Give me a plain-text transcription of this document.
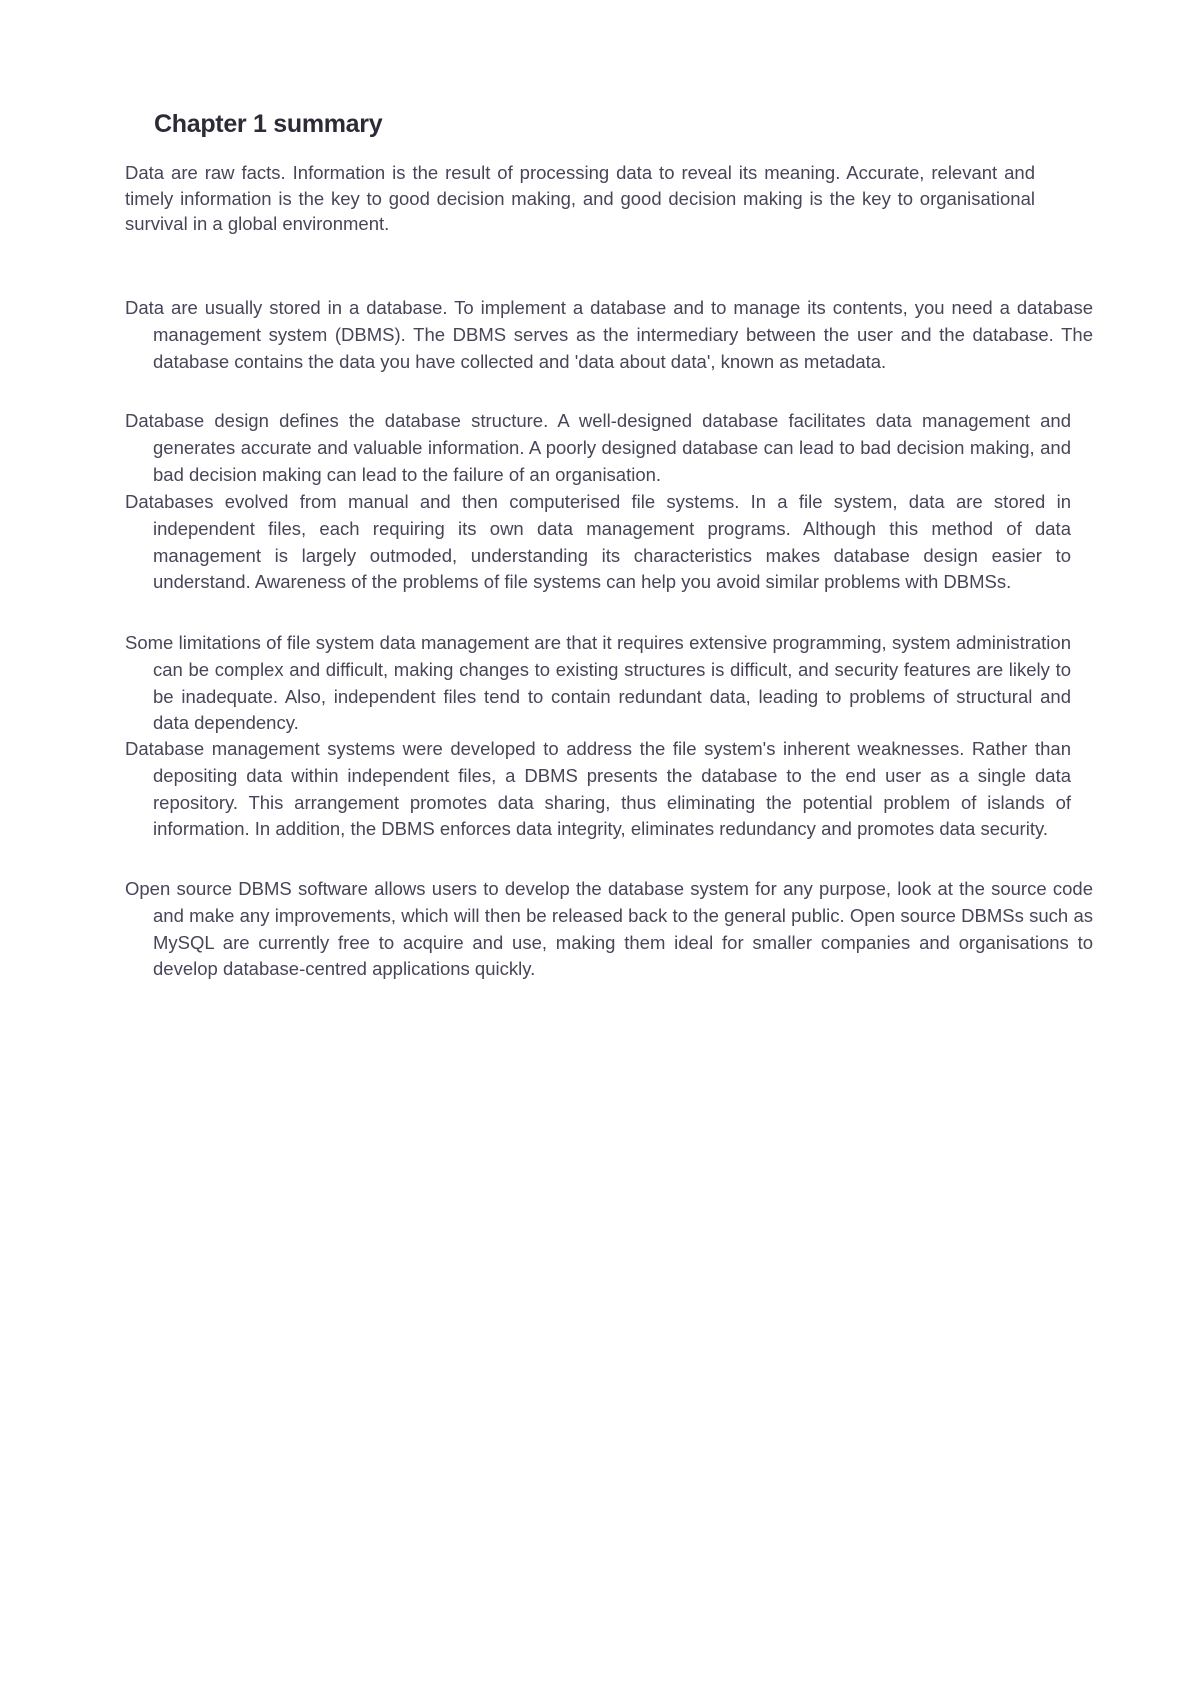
Chapter 1 summary

Data are raw facts. Information is the result of processing data to reveal its meaning. Accurate, relevant and timely information is the key to good decision making, and good decision making is the key to organisational survival in a global environment.

Data are usually stored in a database. To implement a database and to manage its contents, you need a database management system (DBMS). The DBMS serves as the intermediary between the user and the database. The database contains the data you have collected and 'data about data', known as metadata.

Database design defines the database structure. A well-designed database facilitates data management and generates accurate and valuable information. A poorly designed database can lead to bad decision making, and bad decision making can lead to the failure of an organisation.

Databases evolved from manual and then computerised file systems. In a file system, data are stored in independent files, each requiring its own data management programs. Although this method of data management is largely outmoded, understanding its characteristics makes database design easier to understand. Awareness of the problems of file systems can help you avoid similar problems with DBMSs.

Some limitations of file system data management are that it requires extensive programming, system administration can be complex and difficult, making changes to existing structures is difficult, and security features are likely to be inadequate. Also, independent files tend to contain redundant data, leading to problems of structural and data dependency.

Database management systems were developed to address the file system's inherent weaknesses. Rather than depositing data within independent files, a DBMS presents the database to the end user as a single data repository. This arrangement promotes data sharing, thus eliminating the potential problem of islands of information. In addition, the DBMS enforces data integrity, eliminates redundancy and promotes data security.

Open source DBMS software allows users to develop the database system for any purpose, look at the source code and make any improvements, which will then be released back to the general public. Open source DBMSs such as MySQL are currently free to acquire and use, making them ideal for smaller companies and organisations to develop database-centred applications quickly.
